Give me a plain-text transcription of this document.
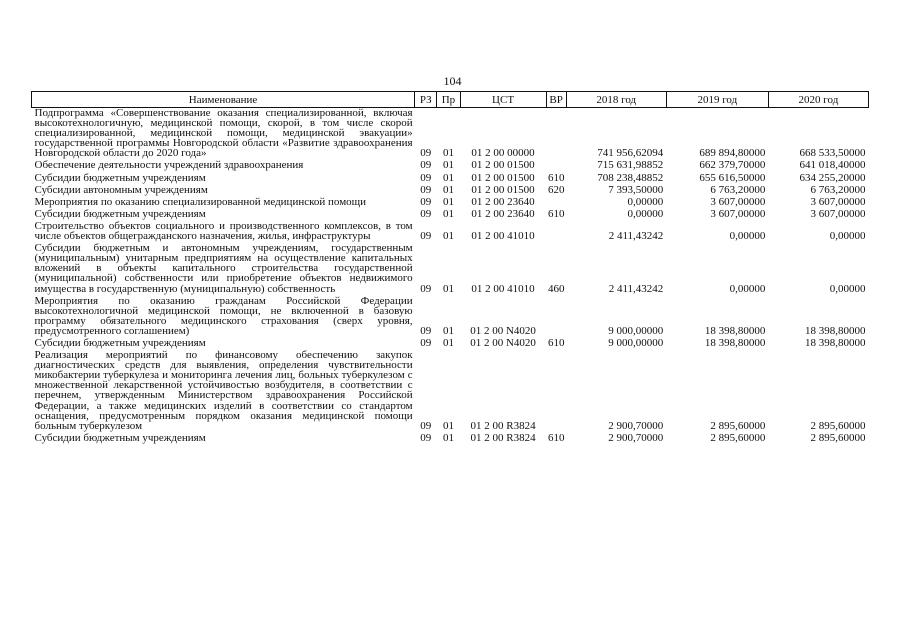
104
Наименование	РЗ	Пр	ЦСТ	ВР	2018 год	2019 год	2020 год
Подпрограмма «Совершенствование оказания специализированной, включая высокотехнологичную, медицинской помощи, скорой, в том числе скорой специализированной, медицинской помощи, медицинской эвакуации» государственной программы Новгородской области «Развитие здравоохранения Новгородской области до 2020 года»	09	01	01 2 00 00000		741 956,62094	689 894,80000	668 533,50000
Обеспечение деятельности учреждений здравоохранения	09	01	01 2 00 01500		715 631,98852	662 379,70000	641 018,40000
Субсидии бюджетным учреждениям	09	01	01 2 00 01500	610	708 238,48852	655 616,50000	634 255,20000
Субсидии автономным учреждениям	09	01	01 2 00 01500	620	7 393,50000	6 763,20000	6 763,20000
Мероприятия по оказанию специализированной медицинской помощи	09	01	01 2 00 23640		0,00000	3 607,00000	3 607,00000
Субсидии бюджетным учреждениям	09	01	01 2 00 23640	610	0,00000	3 607,00000	3 607,00000
Строительство объектов социального и производственного комплексов, в том числе объектов общегражданского назначения, жилья, инфраструктуры	09	01	01 2 00 41010		2 411,43242	0,00000	0,00000
Субсидии бюджетным и автономным учреждениям, государственным (муниципальным) унитарным предприятиям на осуществление капитальных вложений в объекты капитального строительства государственной (муниципальной) собственности или приобретение объектов недвижимого имущества в государственную (муниципальную) собственность	09	01	01 2 00 41010	460	2 411,43242	0,00000	0,00000
Мероприятия по оказанию гражданам Российской Федерации высокотехнологичной медицинской помощи, не включенной в базовую программу обязательного медицинского страхования (сверх уровня, предусмотренного соглашением)	09	01	01 2 00 N4020		9 000,00000	18 398,80000	18 398,80000
Субсидии бюджетным учреждениям	09	01	01 2 00 N4020	610	9 000,00000	18 398,80000	18 398,80000
Реализация мероприятий по финансовому обеспечению закупок диагностических средств для выявления, определения чувствительности микобактерии туберкулеза и мониторинга лечения лиц, больных туберкулезом с множественной лекарственной устойчивостью возбудителя, в соответствии с перечнем, утвержденным Министерством здравоохранения Российской Федерации, а также медицинских изделий в соответствии со стандартом оснащения, предусмотренным порядком оказания медицинской помощи больным туберкулезом	09	01	01 2 00 R3824		2 900,70000	2 895,60000	2 895,60000
Субсидии бюджетным учреждениям	09	01	01 2 00 R3824	610	2 900,70000	2 895,60000	2 895,60000
